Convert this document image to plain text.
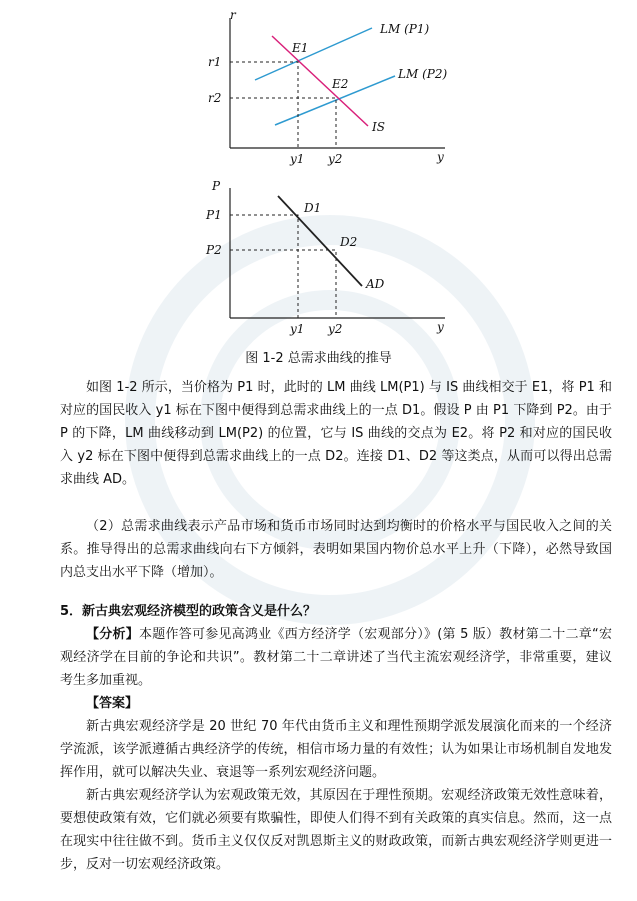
r
y
r1
r2
E1
E2
LM (P1)
LM (P2)
IS
y1 y2
P
y
P1
P2
D1
D2
AD
y1 y2
图 1-2 总需求曲线的推导
如图 1-2 所示，当价格为 P1 时，此时的 LM 曲线 LM(P1) 与 IS 曲线相交于 E1，将 P1 和对应的国民收入 y1 标在下图中便得到总需求曲线上的一点 D1。假设 P 由 P1 下降到 P2。由于 P 的下降，LM 曲线移动到 LM(P2) 的位置，它与 IS 曲线的交点为 E2。将 P2 和对应的国民收入 y2 标在下图中便得到总需求曲线上的一点 D2。连接 D1、D2 等这类点，从而可以得出总需求曲线 AD。
（2）总需求曲线表示产品市场和货币市场同时达到均衡时的价格水平与国民收入之间的关系。推导得出的总需求曲线向右下方倾斜，表明如果国内物价总水平上升（下降），必然导致国内总支出水平下降（增加）。
5．新古典宏观经济模型的政策含义是什么？
【分析】本题作答可参见高鸿业《西方经济学（宏观部分）》(第 5 版）教材第二十二章“宏观经济学在目前的争论和共识”。教材第二十二章讲述了当代主流宏观经济学，非常重要，建议考生多加重视。
【答案】
新古典宏观经济学是 20 世纪 70 年代由货币主义和理性预期学派发展演化而来的一个经济学流派，该学派遵循古典经济学的传统，相信市场力量的有效性；认为如果让市场机制自发地发挥作用，就可以解决失业、衰退等一系列宏观经济问题。
新古典宏观经济学认为宏观政策无效，其原因在于理性预期。宏观经济政策无效性意味着，要想使政策有效，它们就必须要有欺骗性，即使人们得不到有关政策的真实信息。然而，这一点在现实中往往做不到。货币主义仅仅反对凯恩斯主义的财政政策，而新古典宏观经济学则更进一步，反对一切宏观经济政策。
